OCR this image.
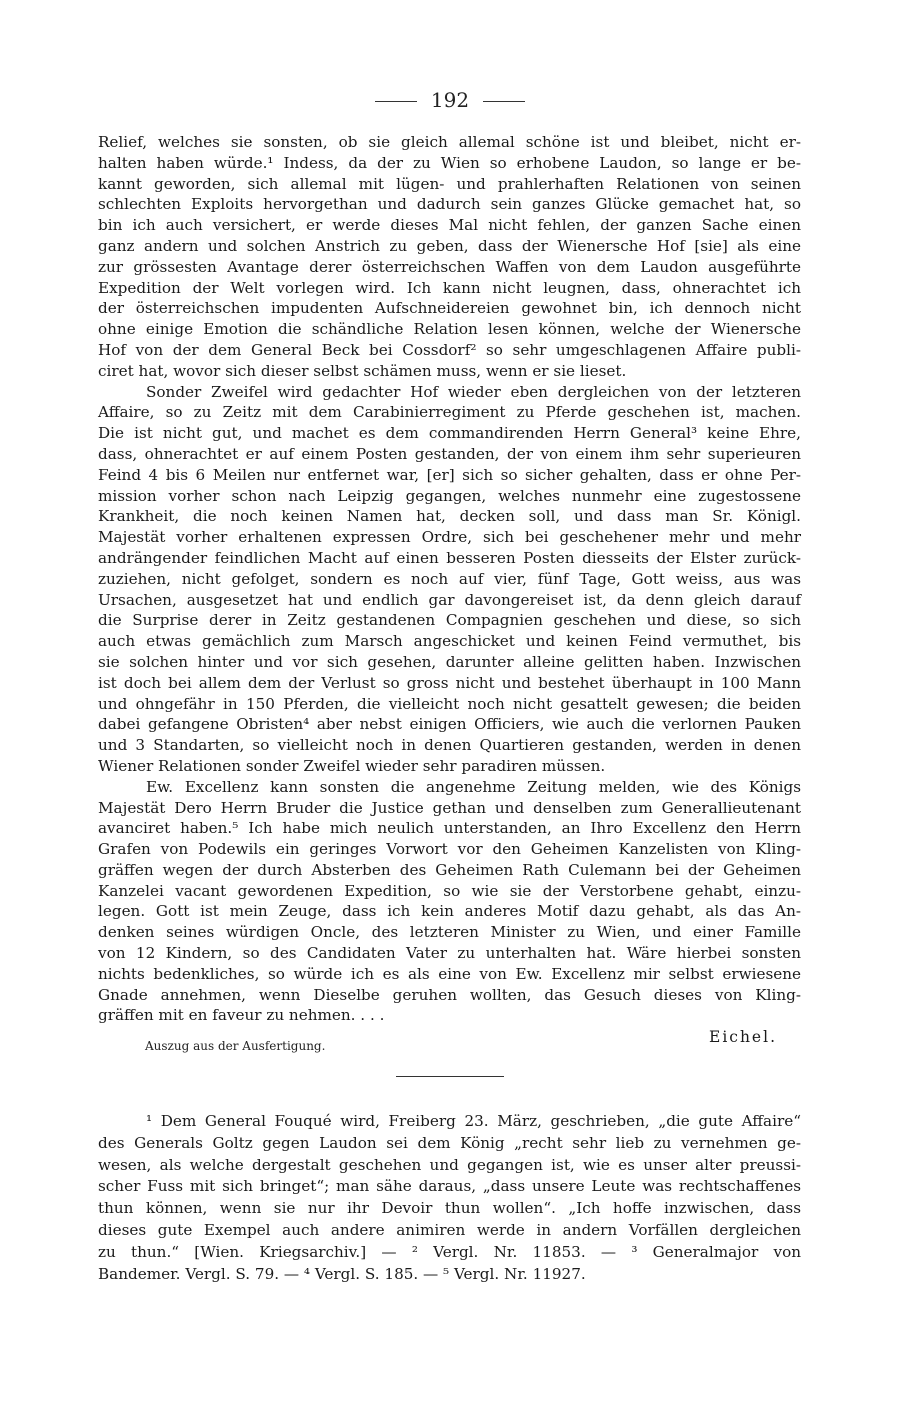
192
Relief, welches sie sonsten, ob sie gleich allemal schöne ist und bleibet, nicht er-
halten haben würde.¹ Indess, da der zu Wien so erhobene Laudon, so lange er be-
kannt geworden, sich allemal mit lügen- und prahlerhaften Relationen von seinen
schlechten Exploits hervorgethan und dadurch sein ganzes Glücke gemachet hat, so
bin ich auch versichert, er werde dieses Mal nicht fehlen, der ganzen Sache einen
ganz andern und solchen Anstrich zu geben, dass der Wienersche Hof [sie] als eine
zur grössesten Avantage derer österreichschen Waffen von dem Laudon ausgeführte
Expedition der Welt vorlegen wird. Ich kann nicht leugnen, dass, ohnerachtet ich
der österreichschen impudenten Aufschneidereien gewohnet bin, ich dennoch nicht
ohne einige Emotion die schändliche Relation lesen können, welche der Wienersche
Hof von der dem General Beck bei Cossdorf² so sehr umgeschlagenen Affaire publi-
ciret hat, wovor sich dieser selbst schämen muss, wenn er sie lieset.
Sonder Zweifel wird gedachter Hof wieder eben dergleichen von der letzteren
Affaire, so zu Zeitz mit dem Carabinierregiment zu Pferde geschehen ist, machen.
Die ist nicht gut, und machet es dem commandirenden Herrn General³ keine Ehre,
dass, ohnerachtet er auf einem Posten gestanden, der von einem ihm sehr superieuren
Feind 4 bis 6 Meilen nur entfernet war, [er] sich so sicher gehalten, dass er ohne Per-
mission vorher schon nach Leipzig gegangen, welches nunmehr eine zugestossene
Krankheit, die noch keinen Namen hat, decken soll, und dass man Sr. Königl.
Majestät vorher erhaltenen expressen Ordre, sich bei geschehener mehr und mehr
andrängender feindlichen Macht auf einen besseren Posten diesseits der Elster zurück-
zuziehen, nicht gefolget, sondern es noch auf vier, fünf Tage, Gott weiss, aus was
Ursachen, ausgesetzet hat und endlich gar davongereiset ist, da denn gleich darauf
die Surprise derer in Zeitz gestandenen Compagnien geschehen und diese, so sich
auch etwas gemächlich zum Marsch angeschicket und keinen Feind vermuthet, bis
sie solchen hinter und vor sich gesehen, darunter alleine gelitten haben. Inzwischen
ist doch bei allem dem der Verlust so gross nicht und bestehet überhaupt in 100 Mann
und ohngefähr in 150 Pferden, die vielleicht noch nicht gesattelt gewesen; die beiden
dabei gefangene Obristen⁴ aber nebst einigen Officiers, wie auch die verlornen Pauken
und 3 Standarten, so vielleicht noch in denen Quartieren gestanden, werden in denen
Wiener Relationen sonder Zweifel wieder sehr paradiren müssen.
Ew. Excellenz kann sonsten die angenehme Zeitung melden, wie des Königs
Majestät Dero Herrn Bruder die Justice gethan und denselben zum Generallieutenant
avanciret haben.⁵ Ich habe mich neulich unterstanden, an Ihro Excellenz den Herrn
Grafen von Podewils ein geringes Vorwort vor den Geheimen Kanzelisten von Kling-
gräffen wegen der durch Absterben des Geheimen Rath Culemann bei der Geheimen
Kanzelei vacant gewordenen Expedition, so wie sie der Verstorbene gehabt, einzu-
legen. Gott ist mein Zeuge, dass ich kein anderes Motif dazu gehabt, als das An-
denken seines würdigen Oncle, des letzteren Minister zu Wien, und einer Famille
von 12 Kindern, so des Candidaten Vater zu unterhalten hat. Wäre hierbei sonsten
nichts bedenkliches, so würde ich es als eine von Ew. Excellenz mir selbst erwiesene
Gnade annehmen, wenn Dieselbe geruhen wollten, das Gesuch dieses von Kling-
gräffen mit en faveur zu nehmen. . . .
Eichel.
Auszug aus der Ausfertigung.
¹ Dem General Fouqué wird, Freiberg 23. März, geschrieben, „die gute Affaire“
des Generals Goltz gegen Laudon sei dem König „recht sehr lieb zu vernehmen ge-
wesen, als welche dergestalt geschehen und gegangen ist, wie es unser alter preussi-
scher Fuss mit sich bringet“; man sähe daraus, „dass unsere Leute was rechtschaffenes
thun können, wenn sie nur ihr Devoir thun wollen“. „Ich hoffe inzwischen, dass
dieses gute Exempel auch andere animiren werde in andern Vorfällen dergleichen
zu thun.“ [Wien. Kriegsarchiv.] — ² Vergl. Nr. 11853. — ³ Generalmajor von
Bandemer. Vergl. S. 79. — ⁴ Vergl. S. 185. — ⁵ Vergl. Nr. 11927.
